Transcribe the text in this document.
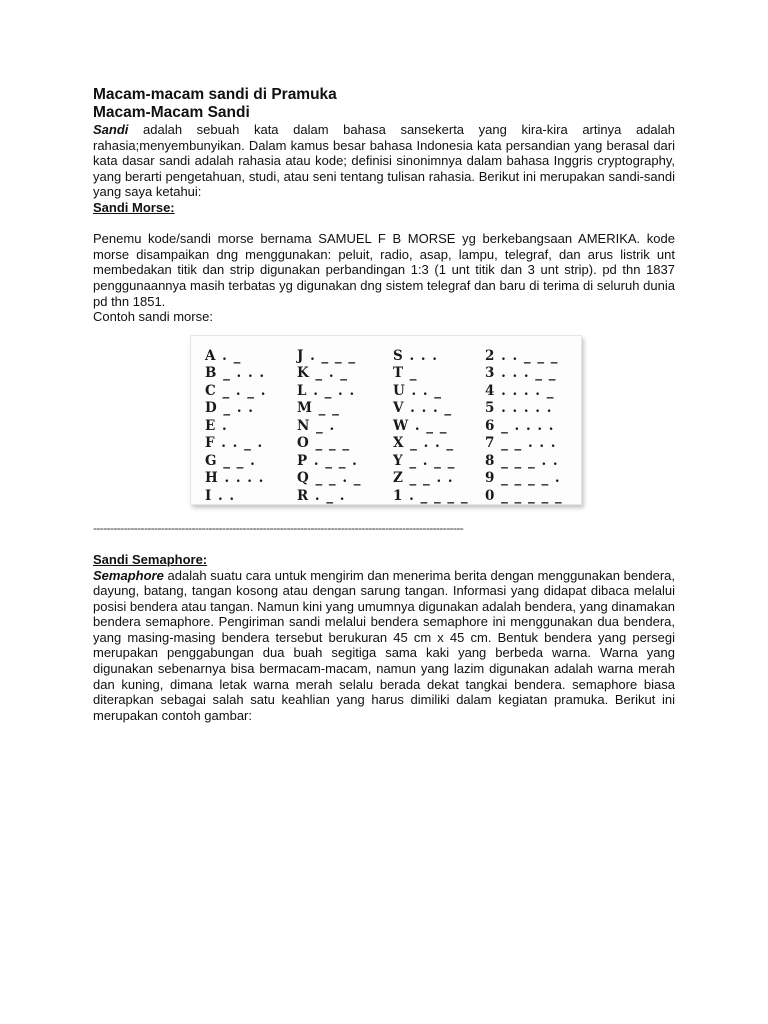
Macam-macam sandi di Pramuka
Macam-Macam Sandi

Sandi adalah sebuah kata dalam bahasa sansekerta yang kira-kira artinya adalah rahasia;menyembunyikan. Dalam kamus besar bahasa Indonesia kata persandian yang berasal dari kata dasar sandi adalah rahasia atau kode; definisi sinonimnya dalam bahasa Inggris cryptography, yang berarti pengetahuan, studi, atau seni tentang tulisan rahasia. Berikut ini merupakan sandi-sandi yang saya ketahui:

Sandi Morse:

Penemu kode/sandi morse bernama SAMUEL F B MORSE yg berkebangsaan AMERIKA. kode morse disampaikan dng menggunakan: peluit, radio, asap, lampu, telegraf, dan arus listrik unt membedakan titik dan strip digunakan perbandingan 1:3 (1 unt titik dan 3 unt strip). pd thn 1837 penggunaannya masih terbatas yg digunakan dng sistem telegraf dan baru di terima di seluruh dunia pd thn 1851.

Contoh sandi morse:

A . _
B _ . . .
C _ . _ .
D _ . .
E .
F . . _ .
G _ _ .
H . . . .
I . .
J . _ _ _
K _ . _
L . _ . .
M _ _
N _ .
O _ _ _
P . _ _ .
Q _ _ . _
R . _ .
S . . .
T _
U . . _
V . . . _
W . _ _
X _ . . _
Y _ . _ _
Z _ _ . .
1 . _ _ _ _
2 . . _ _ _
3 . . . _ _
4 . . . . _
5 . . . . .
6 _ . . . .
7 _ _ . . .
8 _ _ _ . .
9 _ _ _ _ .
0 _ _ _ _ _
-------------------------------------------------------------------------------------------------------------

Sandi Semaphore:

Semaphore adalah suatu cara untuk mengirim dan menerima berita dengan menggunakan bendera, dayung, batang, tangan kosong atau dengan sarung tangan. Informasi yang didapat dibaca melalui posisi bendera atau tangan. Namun kini yang umumnya digunakan adalah bendera, yang dinamakan bendera semaphore. Pengiriman sandi melalui bendera semaphore ini menggunakan dua bendera, yang masing-masing bendera tersebut berukuran 45 cm x 45 cm. Bentuk bendera yang persegi merupakan penggabungan dua buah segitiga sama kaki yang berbeda warna. Warna yang digunakan sebenarnya bisa bermacam-macam, namun yang lazim digunakan adalah warna merah dan kuning, dimana letak warna merah selalu berada dekat tangkai bendera. semaphore biasa diterapkan sebagai salah satu keahlian yang harus dimiliki dalam kegiatan pramuka. Berikut ini merupakan contoh gambar:
